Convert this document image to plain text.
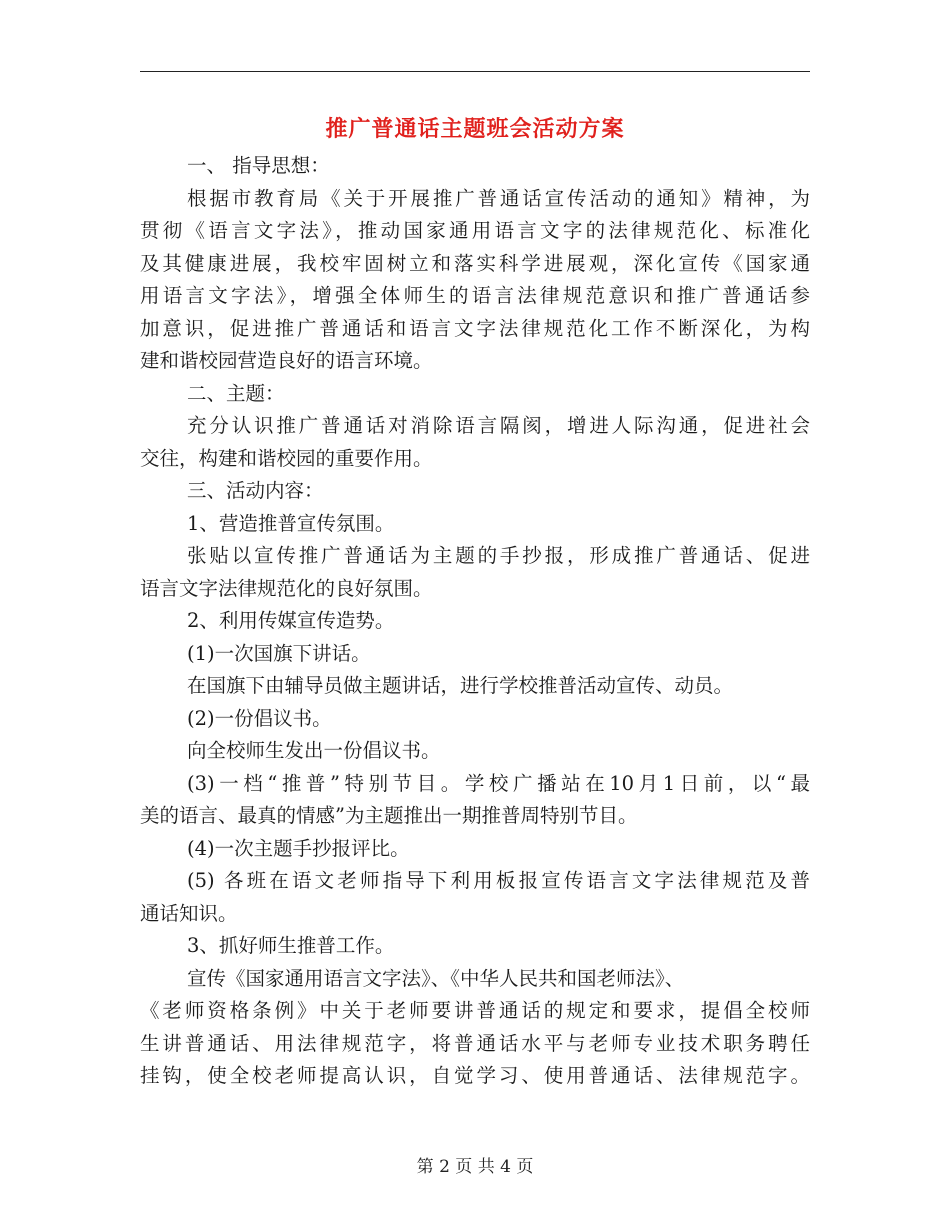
推广普通话主题班会活动方案
一、 指导思想：
根据市教育局《关于开展推广普通话宣传活动的通知》精神，为
贯彻《语言文字法》，推动国家通用语言文字的法律规范化、标准化
及其健康进展，我校牢固树立和落实科学进展观，深化宣传《国家通
用语言文字法》，增强全体师生的语言法律规范意识和推广普通话参
加意识，促进推广普通话和语言文字法律规范化工作不断深化，为构
建和谐校园营造良好的语言环境。
二、主题：
充分认识推广普通话对消除语言隔阂，增进人际沟通，促进社会
交往，构建和谐校园的重要作用。
三、活动内容：
1、营造推普宣传氛围。
张贴以宣传推广普通话为主题的手抄报，形成推广普通话、促进
语言文字法律规范化的良好氛围。
2、利用传媒宣传造势。
(1)一次国旗下讲话。
在国旗下由辅导员做主题讲话，进行学校推普活动宣传、动员。
(2)一份倡议书。
向全校师生发出一份倡议书。
(3)一档“推普”特别节目。学校广播站在10月1日前，以“最
美的语言、最真的情感”为主题推出一期推普周特别节目。
(4)一次主题手抄报评比。
(5) 各班在语文老师指导下利用板报宣传语言文字法律规范及普
通话知识。
3、抓好师生推普工作。
宣传《国家通用语言文字法》、《中华人民共和国老师法》、
《老师资格条例》中关于老师要讲普通话的规定和要求，提倡全校师
生讲普通话、用法律规范字，将普通话水平与老师专业技术职务聘任
挂钩，使全校老师提高认识，自觉学习、使用普通话、法律规范字。
第 2 页 共 4 页
